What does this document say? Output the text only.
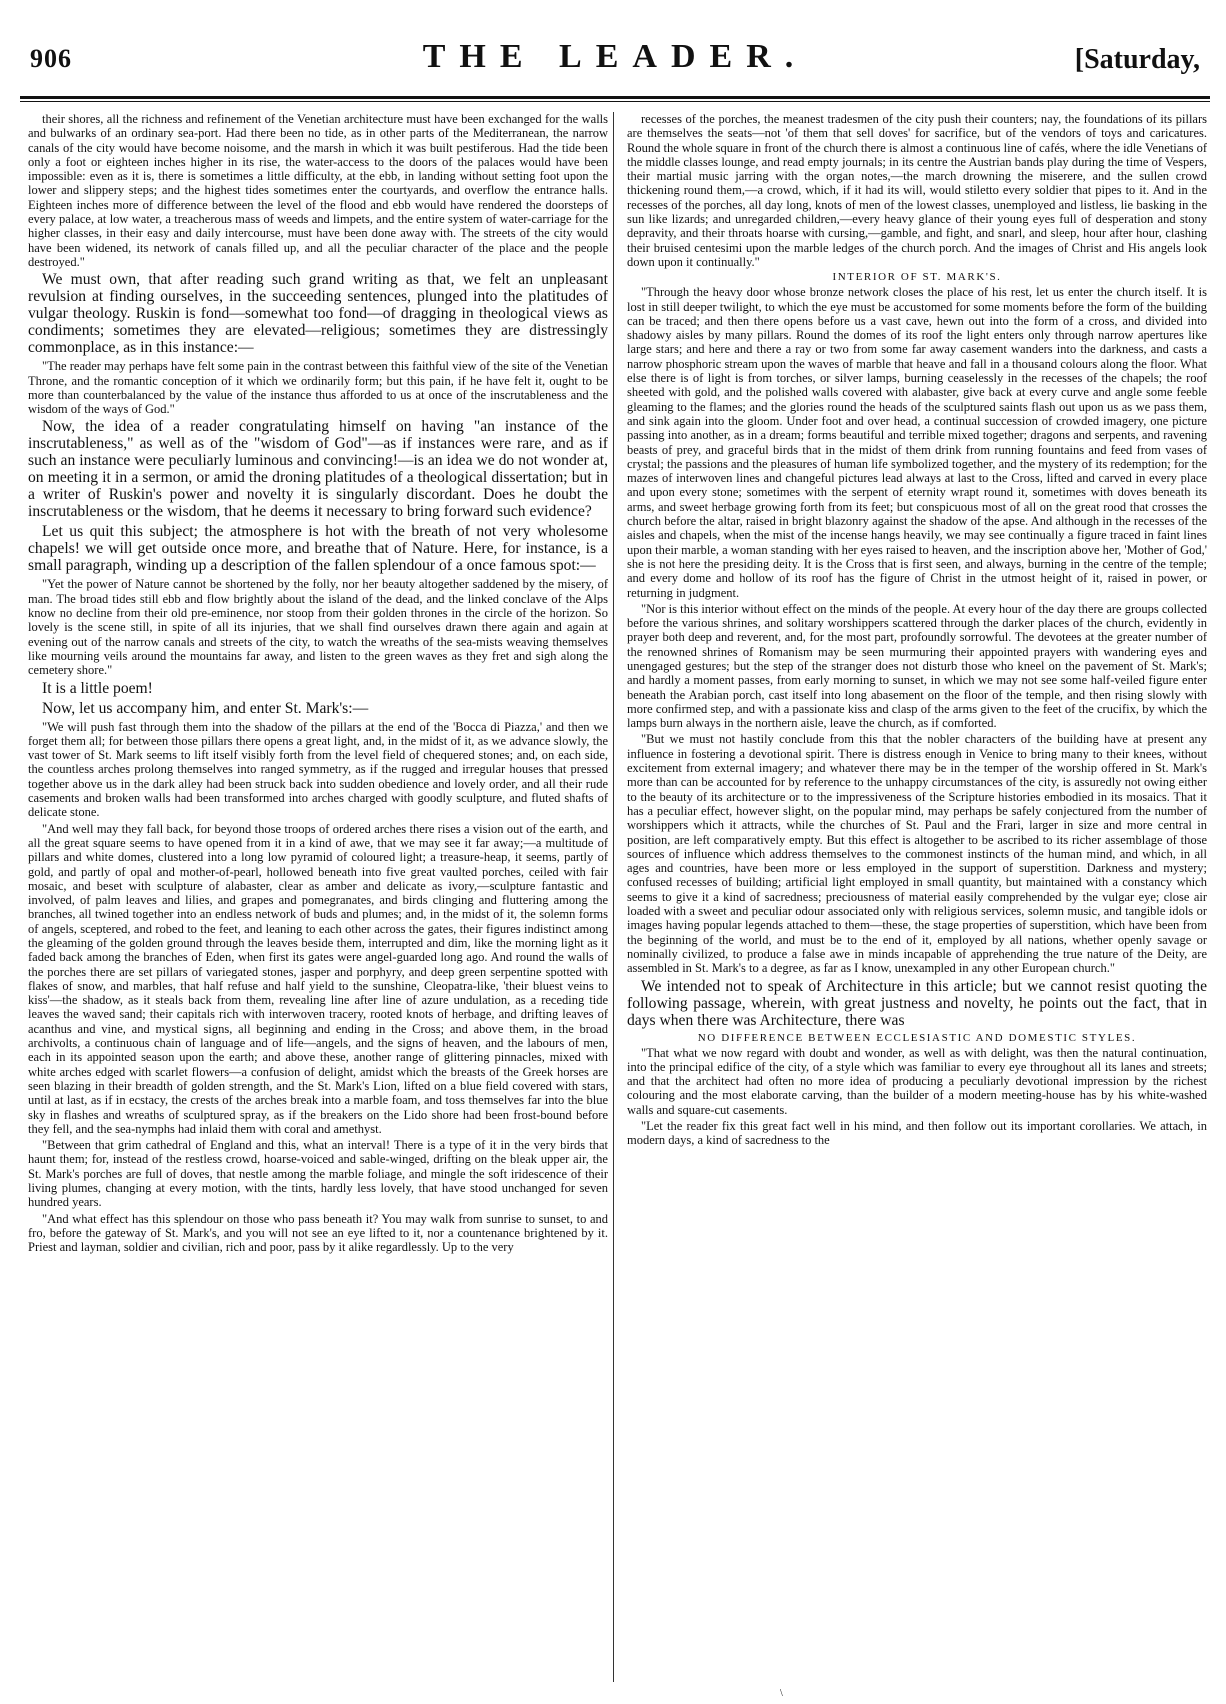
906	THE LEADER.	[Saturday,

their shores, all the richness and refinement of the Venetian architecture must have been exchanged for the walls and bulwarks of an ordinary sea-port. Had there been no tide, as in other parts of the Mediterranean, the narrow canals of the city would have become noisome, and the marsh in which it was built pestiferous. Had the tide been only a foot or eighteen inches higher in its rise, the water-access to the doors of the palaces would have been impossible: even as it is, there is sometimes a little difficulty, at the ebb, in landing without setting foot upon the lower and slippery steps; and the highest tides sometimes enter the courtyards, and overflow the entrance halls. Eighteen inches more of difference between the level of the flood and ebb would have rendered the doorsteps of every palace, at low water, a treacherous mass of weeds and limpets, and the entire system of water-carriage for the higher classes, in their easy and daily intercourse, must have been done away with. The streets of the city would have been widened, its network of canals filled up, and all the peculiar character of the place and the people destroyed."

We must own, that after reading such grand writing as that, we felt an unpleasant revulsion at finding ourselves, in the succeeding sentences, plunged into the platitudes of vulgar theology. Ruskin is fond—somewhat too fond—of dragging in theological views as condiments; sometimes they are elevated—religious; sometimes they are distressingly commonplace, as in this instance:—

"The reader may perhaps have felt some pain in the contrast between this faithful view of the site of the Venetian Throne, and the romantic conception of it which we ordinarily form; but this pain, if he have felt it, ought to be more than counterbalanced by the value of the instance thus afforded to us at once of the inscrutableness and the wisdom of the ways of God."

Now, the idea of a reader congratulating himself on having "an instance of the inscrutableness," as well as of the "wisdom of God"—as if instances were rare, and as if such an instance were peculiarly luminous and convincing!—is an idea we do not wonder at, on meeting it in a sermon, or amid the droning platitudes of a theological dissertation; but in a writer of Ruskin's power and novelty it is singularly discordant. Does he doubt the inscrutableness or the wisdom, that he deems it necessary to bring forward such evidence?

Let us quit this subject; the atmosphere is hot with the breath of not very wholesome chapels! we will get outside once more, and breathe that of Nature. Here, for instance, is a small paragraph, winding up a description of the fallen splendour of a once famous spot:—

"Yet the power of Nature cannot be shortened by the folly, nor her beauty altogether saddened by the misery, of man. The broad tides still ebb and flow brightly about the island of the dead, and the linked conclave of the Alps know no decline from their old pre-eminence, nor stoop from their golden thrones in the circle of the horizon. So lovely is the scene still, in spite of all its injuries, that we shall find ourselves drawn there again and again at evening out of the narrow canals and streets of the city, to watch the wreaths of the sea-mists weaving themselves like mourning veils around the mountains far away, and listen to the green waves as they fret and sigh along the cemetery shore."

It is a little poem!

Now, let us accompany him, and enter St. Mark's:—

"We will push fast through them into the shadow of the pillars at the end of the 'Bocca di Piazza,' and then we forget them all; for between those pillars there opens a great light, and, in the midst of it, as we advance slowly, the vast tower of St. Mark seems to lift itself visibly forth from the level field of chequered stones; and, on each side, the countless arches prolong themselves into ranged symmetry, as if the rugged and irregular houses that pressed together above us in the dark alley had been struck back into sudden obedience and lovely order, and all their rude casements and broken walls had been transformed into arches charged with goodly sculpture, and fluted shafts of delicate stone.

"And well may they fall back, for beyond those troops of ordered arches there rises a vision out of the earth, and all the great square seems to have opened from it in a kind of awe, that we may see it far away;—a multitude of pillars and white domes, clustered into a long low pyramid of coloured light; a treasure-heap, it seems, partly of gold, and partly of opal and mother-of-pearl, hollowed beneath into five great vaulted porches, ceiled with fair mosaic, and beset with sculpture of alabaster, clear as amber and delicate as ivory,—sculpture fantastic and involved, of palm leaves and lilies, and grapes and pomegranates, and birds clinging and fluttering among the branches, all twined together into an endless network of buds and plumes; and, in the midst of it, the solemn forms of angels, sceptered, and robed to the feet, and leaning to each other across the gates, their figures indistinct among the gleaming of the golden ground through the leaves beside them, interrupted and dim, like the morning light as it faded back among the branches of Eden, when first its gates were angel-guarded long ago. And round the walls of the porches there are set pillars of variegated stones, jasper and porphyry, and deep green serpentine spotted with flakes of snow, and marbles, that half refuse and half yield to the sunshine, Cleopatra-like, 'their bluest veins to kiss'—the shadow, as it steals back from them, revealing line after line of azure undulation, as a receding tide leaves the waved sand; their capitals rich with interwoven tracery, rooted knots of herbage, and drifting leaves of acanthus and vine, and mystical signs, all beginning and ending in the Cross; and above them, in the broad archivolts, a continuous chain of language and of life—angels, and the signs of heaven, and the labours of men, each in its appointed season upon the earth; and above these, another range of glittering pinnacles, mixed with white arches edged with scarlet flowers—a confusion of delight, amidst which the breasts of the Greek horses are seen blazing in their breadth of golden strength, and the St. Mark's Lion, lifted on a blue field covered with stars, until at last, as if in ecstacy, the crests of the arches break into a marble foam, and toss themselves far into the blue sky in flashes and wreaths of sculptured spray, as if the breakers on the Lido shore had been frost-bound before they fell, and the sea-nymphs had inlaid them with coral and amethyst.

"Between that grim cathedral of England and this, what an interval! There is a type of it in the very birds that haunt them; for, instead of the restless crowd, hoarse-voiced and sable-winged, drifting on the bleak upper air, the St. Mark's porches are full of doves, that nestle among the marble foliage, and mingle the soft iridescence of their living plumes, changing at every motion, with the tints, hardly less lovely, that have stood unchanged for seven hundred years.

"And what effect has this splendour on those who pass beneath it? You may walk from sunrise to sunset, to and fro, before the gateway of St. Mark's, and you will not see an eye lifted to it, nor a countenance brightened by it. Priest and layman, soldier and civilian, rich and poor, pass by it alike regardlessly. Up to the very

recesses of the porches, the meanest tradesmen of the city push their counters; nay, the foundations of its pillars are themselves the seats—not 'of them that sell doves' for sacrifice, but of the vendors of toys and caricatures. Round the whole square in front of the church there is almost a continuous line of cafés, where the idle Venetians of the middle classes lounge, and read empty journals; in its centre the Austrian bands play during the time of Vespers, their martial music jarring with the organ notes,—the march drowning the miserere, and the sullen crowd thickening round them,—a crowd, which, if it had its will, would stiletto every soldier that pipes to it. And in the recesses of the porches, all day long, knots of men of the lowest classes, unemployed and listless, lie basking in the sun like lizards; and unregarded children,—every heavy glance of their young eyes full of desperation and stony depravity, and their throats hoarse with cursing,—gamble, and fight, and snarl, and sleep, hour after hour, clashing their bruised centesimi upon the marble ledges of the church porch. And the images of Christ and His angels look down upon it continually."

INTERIOR OF ST. MARK'S.

"Through the heavy door whose bronze network closes the place of his rest, let us enter the church itself. It is lost in still deeper twilight, to which the eye must be accustomed for some moments before the form of the building can be traced; and then there opens before us a vast cave, hewn out into the form of a cross, and divided into shadowy aisles by many pillars. Round the domes of its roof the light enters only through narrow apertures like large stars; and here and there a ray or two from some far away casement wanders into the darkness, and casts a narrow phosphoric stream upon the waves of marble that heave and fall in a thousand colours along the floor. What else there is of light is from torches, or silver lamps, burning ceaselessly in the recesses of the chapels; the roof sheeted with gold, and the polished walls covered with alabaster, give back at every curve and angle some feeble gleaming to the flames; and the glories round the heads of the sculptured saints flash out upon us as we pass them, and sink again into the gloom. Under foot and over head, a continual succession of crowded imagery, one picture passing into another, as in a dream; forms beautiful and terrible mixed together; dragons and serpents, and ravening beasts of prey, and graceful birds that in the midst of them drink from running fountains and feed from vases of crystal; the passions and the pleasures of human life symbolized together, and the mystery of its redemption; for the mazes of interwoven lines and changeful pictures lead always at last to the Cross, lifted and carved in every place and upon every stone; sometimes with the serpent of eternity wrapt round it, sometimes with doves beneath its arms, and sweet herbage growing forth from its feet; but conspicuous most of all on the great rood that crosses the church before the altar, raised in bright blazonry against the shadow of the apse. And although in the recesses of the aisles and chapels, when the mist of the incense hangs heavily, we may see continually a figure traced in faint lines upon their marble, a woman standing with her eyes raised to heaven, and the inscription above her, 'Mother of God,' she is not here the presiding deity. It is the Cross that is first seen, and always, burning in the centre of the temple; and every dome and hollow of its roof has the figure of Christ in the utmost height of it, raised in power, or returning in judgment.

"Nor is this interior without effect on the minds of the people. At every hour of the day there are groups collected before the various shrines, and solitary worshippers scattered through the darker places of the church, evidently in prayer both deep and reverent, and, for the most part, profoundly sorrowful. The devotees at the greater number of the renowned shrines of Romanism may be seen murmuring their appointed prayers with wandering eyes and unengaged gestures; but the step of the stranger does not disturb those who kneel on the pavement of St. Mark's; and hardly a moment passes, from early morning to sunset, in which we may not see some half-veiled figure enter beneath the Arabian porch, cast itself into long abasement on the floor of the temple, and then rising slowly with more confirmed step, and with a passionate kiss and clasp of the arms given to the feet of the crucifix, by which the lamps burn always in the northern aisle, leave the church, as if comforted.

"But we must not hastily conclude from this that the nobler characters of the building have at present any influence in fostering a devotional spirit. There is distress enough in Venice to bring many to their knees, without excitement from external imagery; and whatever there may be in the temper of the worship offered in St. Mark's more than can be accounted for by reference to the unhappy circumstances of the city, is assuredly not owing either to the beauty of its architecture or to the impressiveness of the Scripture histories embodied in its mosaics. That it has a peculiar effect, however slight, on the popular mind, may perhaps be safely conjectured from the number of worshippers which it attracts, while the churches of St. Paul and the Frari, larger in size and more central in position, are left comparatively empty. But this effect is altogether to be ascribed to its richer assemblage of those sources of influence which address themselves to the commonest instincts of the human mind, and which, in all ages and countries, have been more or less employed in the support of superstition. Darkness and mystery; confused recesses of building; artificial light employed in small quantity, but maintained with a constancy which seems to give it a kind of sacredness; preciousness of material easily comprehended by the vulgar eye; close air loaded with a sweet and peculiar odour associated only with religious services, solemn music, and tangible idols or images having popular legends attached to them—these, the stage properties of superstition, which have been from the beginning of the world, and must be to the end of it, employed by all nations, whether openly savage or nominally civilized, to produce a false awe in minds incapable of apprehending the true nature of the Deity, are assembled in St. Mark's to a degree, as far as I know, unexampled in any other European church."

We intended not to speak of Architecture in this article; but we cannot resist quoting the following passage, wherein, with great justness and novelty, he points out the fact, that in days when there was Architecture, there was

NO DIFFERENCE BETWEEN ECCLESIASTIC AND DOMESTIC STYLES.

"That what we now regard with doubt and wonder, as well as with delight, was then the natural continuation, into the principal edifice of the city, of a style which was familiar to every eye throughout all its lanes and streets; and that the architect had often no more idea of producing a peculiarly devotional impression by the richest colouring and the most elaborate carving, than the builder of a modern meeting-house has by his white-washed walls and square-cut casements.

"Let the reader fix this great fact well in his mind, and then follow out its important corollaries. We attach, in modern days, a kind of sacredness to the

\
